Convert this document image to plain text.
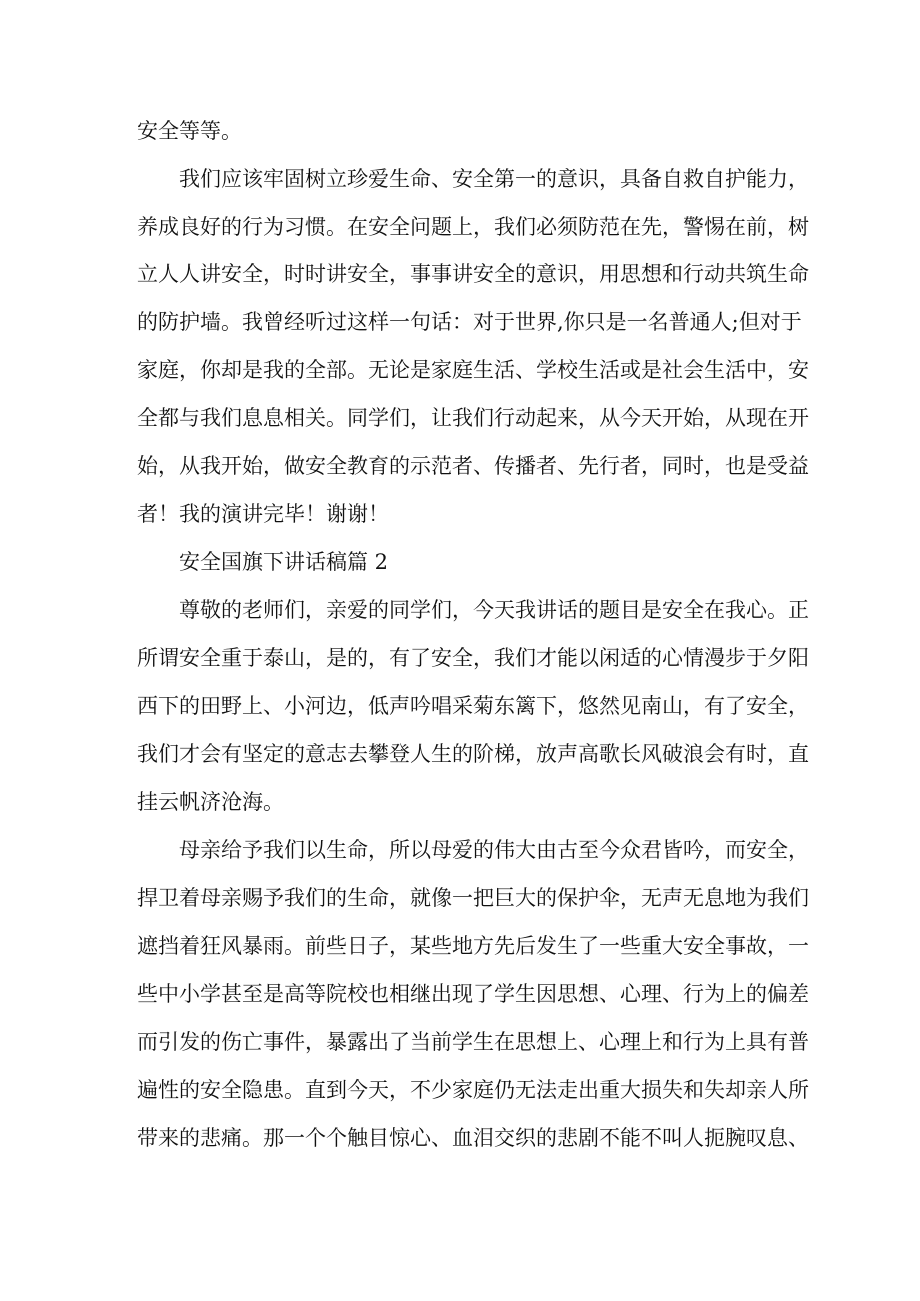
安全等等。
我们应该牢固树立珍爱生命、安全第一的意识，具备自救自护能力，
养成良好的行为习惯。在安全问题上，我们必须防范在先，警惕在前，树
立人人讲安全，时时讲安全，事事讲安全的意识，用思想和行动共筑生命
的防护墙。我曾经听过这样一句话：对于世界,你只是一名普通人;但对于
家庭，你却是我的全部。无论是家庭生活、学校生活或是社会生活中，安
全都与我们息息相关。同学们，让我们行动起来，从今天开始，从现在开
始，从我开始，做安全教育的示范者、传播者、先行者，同时，也是受益
者！我的演讲完毕！谢谢！
安全国旗下讲话稿篇 2
尊敬的老师们，亲爱的同学们，今天我讲话的题目是安全在我心。正
所谓安全重于泰山，是的，有了安全，我们才能以闲适的心情漫步于夕阳
西下的田野上、小河边，低声吟唱采菊东篱下，悠然见南山，有了安全，
我们才会有坚定的意志去攀登人生的阶梯，放声高歌长风破浪会有时，直
挂云帆济沧海。
母亲给予我们以生命，所以母爱的伟大由古至今众君皆吟，而安全，
捍卫着母亲赐予我们的生命，就像一把巨大的保护伞，无声无息地为我们
遮挡着狂风暴雨。前些日子，某些地方先后发生了一些重大安全事故，一
些中小学甚至是高等院校也相继出现了学生因思想、心理、行为上的偏差
而引发的伤亡事件，暴露出了当前学生在思想上、心理上和行为上具有普
遍性的安全隐患。直到今天，不少家庭仍无法走出重大损失和失却亲人所
带来的悲痛。那一个个触目惊心、血泪交织的悲剧不能不叫人扼腕叹息、
